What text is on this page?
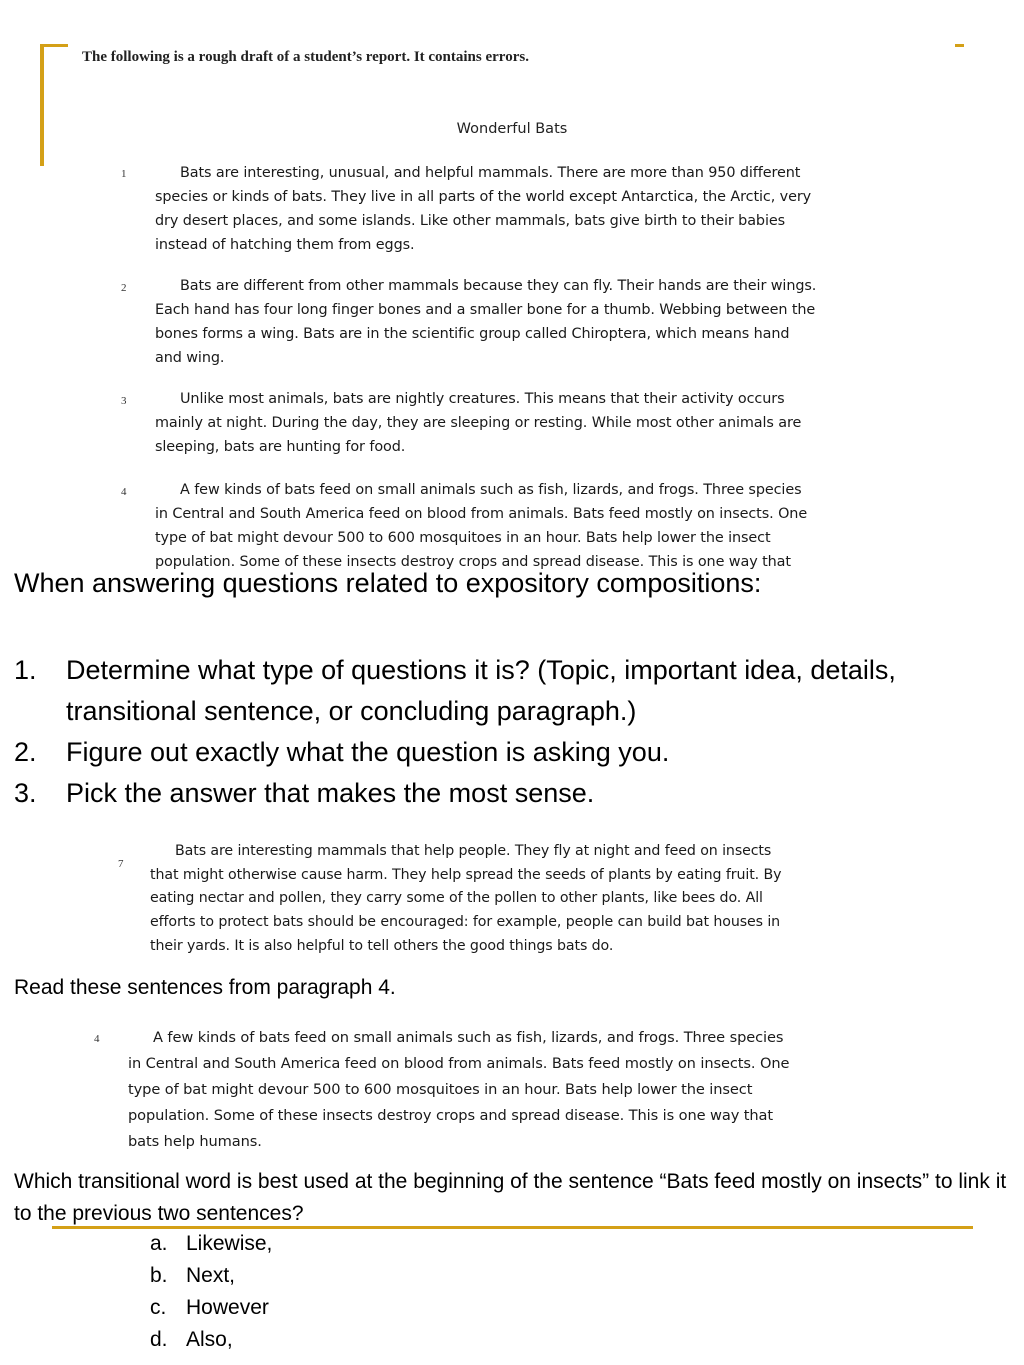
The following is a rough draft of a student’s report. It contains errors.
Wonderful Bats
1	Bats are interesting, unusual, and helpful mammals. There are more than 950 different

species or kinds of bats. They live in all parts of the world except Antarctica, the Arctic, very

dry desert places, and some islands. Like other mammals, bats give birth to their babies

instead of hatching them from eggs.

2	Bats are different from other mammals because they can fly. Their hands are their wings.

Each hand has four long finger bones and a smaller bone for a thumb. Webbing between the

bones forms a wing. Bats are in the scientific group called Chiroptera, which means hand

and wing.

3	Unlike most animals, bats are nightly creatures. This means that their activity occurs

mainly at night. During the day, they are sleeping or resting. While most other animals are

sleeping, bats are hunting for food.

4	A few kinds of bats feed on small animals such as fish, lizards, and frogs. Three species

in Central and South America feed on blood from animals. Bats feed mostly on insects. One

type of bat might devour 500 to 600 mosquitoes in an hour. Bats help lower the insect

population. Some of these insects destroy crops and spread disease. This is one way that

When answering questions related to expository compositions:
1. Determine what type of questions it is? (Topic, important idea, details, transitional sentence, or concluding paragraph.)
2. Figure out exactly what the question is asking you.
3. Pick the answer that makes the most sense.
7

Bats are interesting mammals that help people. They fly at night and feed on insects

that might otherwise cause harm. They help spread the seeds of plants by eating fruit. By

eating nectar and pollen, they carry some of the pollen to other plants, like bees do. All

efforts to protect bats should be encouraged: for example, people can build bat houses in

their yards. It is also helpful to tell others the good things bats do.

Read these sentences from paragraph 4.
4	A few kinds of bats feed on small animals such as fish, lizards, and frogs. Three species

in Central and South America feed on blood from animals. Bats feed mostly on insects. One

type of bat might devour 500 to 600 mosquitoes in an hour. Bats help lower the insect

population. Some of these insects destroy crops and spread disease. This is one way that

bats help humans.

Which transitional word is best used at the beginning of the sentence “Bats feed mostly on insects” to link it to the previous two sentences?
a. Likewise,
b. Next,
c. However
d. Also,
